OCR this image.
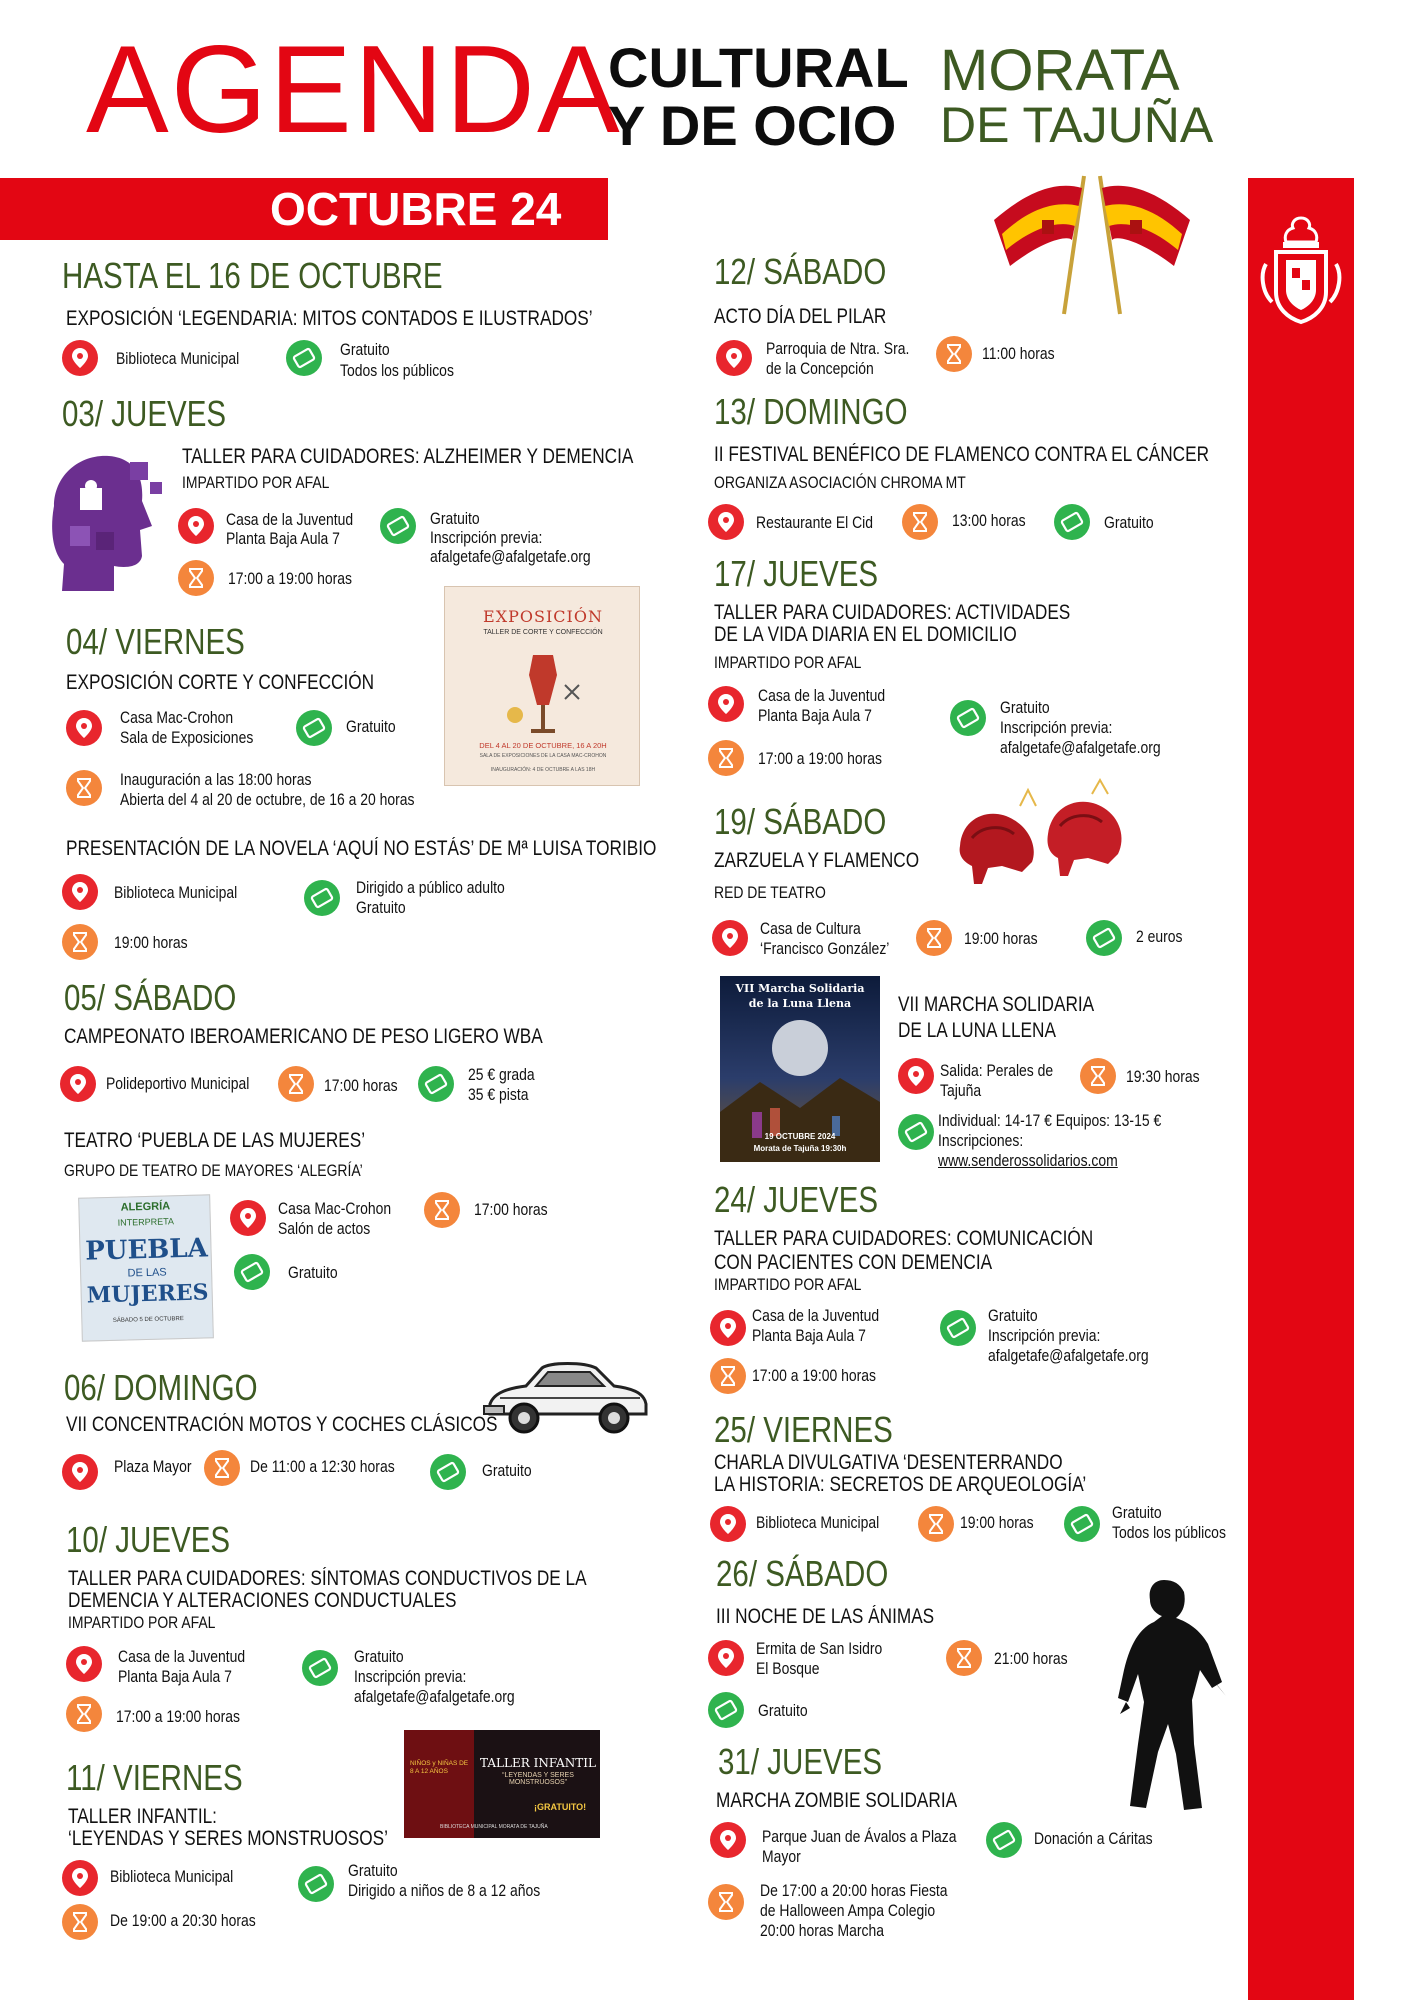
AGENDA
CULTURAL
Y DE OCIO
MORATA
DE TAJUÑA
OCTUBRE 24
HASTA EL 16 DE OCTUBRE
EXPOSICIÓN ‘LEGENDARIA: MITOS CONTADOS E ILUSTRADOS’
Biblioteca Municipal	Gratuito
Todos los públicos
03/ JUEVES
TALLER PARA CUIDADORES: ALZHEIMER Y DEMENCIA
IMPARTIDO POR AFAL
Casa de la Juventud
Planta Baja Aula 7
Gratuito
Inscripción previa:
afalgetafe@afalgetafe.org
17:00 a 19:00 horas
04/ VIERNES
EXPOSICIÓN CORTE Y CONFECCIÓN
EXPOSICIÓN
TALLER DE CORTE Y CONFECCIÓN
DEL 4 AL 20 DE OCTUBRE, 16 A 20H
SALA DE EXPOSICIONES DE LA CASA MAC-CROHON
INAUGURACIÓN: 4 DE OCTUBRE A LAS 18H
Casa Mac-Crohon
Sala de Exposiciones
Gratuito
Inauguración a las 18:00 horas
Abierta del 4 al 20 de octubre, de 16 a 20 horas
PRESENTACIÓN DE LA NOVELA ‘AQUÍ NO ESTÁS’ DE Mª LUISA TORIBIO
Biblioteca Municipal	Dirigido a público adulto
Gratuito
19:00 horas
05/ SÁBADO
CAMPEONATO IBEROAMERICANO DE PESO LIGERO WBA
Polideportivo Municipal	17:00 horas
25 € grada
35 € pista
TEATRO ‘PUEBLA DE LAS MUJERES’
GRUPO DE TEATRO DE MAYORES ‘ALEGRÍA’
ALEGRÍA
INTERPRETA
PUEBLA
DE LAS
MUJERES
SÁBADO 5 DE OCTUBRE
Casa Mac-Crohon
Salón de actos
17:00 horas
Gratuito
06/ DOMINGO
VII CONCENTRACIÓN MOTOS Y COCHES CLÁSICOS
Plaza Mayor	De 11:00 a 12:30 horas	Gratuito
10/ JUEVES
TALLER PARA CUIDADORES: SÍNTOMAS CONDUCTIVOS DE LA
DEMENCIA Y ALTERACIONES CONDUCTUALES
IMPARTIDO POR AFAL
Casa de la Juventud
Planta Baja Aula 7
Gratuito
Inscripción previa:
afalgetafe@afalgetafe.org
17:00 a 19:00 horas
11/ VIERNES	NIÑOS y NIÑAS DE 8 A 12 AÑOS
TALLER INFANTIL
“LEYENDAS Y SERES MONSTRUOSOS”
¡GRATUITO!
BIBLIOTECA MUNICIPAL MORATA DE TAJUÑA
TALLER INFANTIL:
‘LEYENDAS Y SERES MONSTRUOSOS’
Biblioteca Municipal	Gratuito
Dirigido a niños de 8 a 12 años
De 19:00 a 20:30 horas
12/ SÁBADO
ACTO DÍA DEL PILAR
Parroquia de Ntra. Sra.
de la Concepción
11:00 horas
13/ DOMINGO
II FESTIVAL BENÉFICO DE FLAMENCO CONTRA EL CÁNCER
ORGANIZA ASOCIACIÓN CHROMA MT
Restaurante El Cid	13:00 horas	Gratuito
17/ JUEVES
TALLER PARA CUIDADORES: ACTIVIDADES
DE LA VIDA DIARIA EN EL DOMICILIO
IMPARTIDO POR AFAL
Casa de la Juventud
Planta Baja Aula 7	Gratuito
Inscripción previa:
afalgetafe@afalgetafe.org
17:00 a 19:00 horas
19/ SÁBADO
ZARZUELA Y FLAMENCO
RED DE TEATRO
Casa de Cultura
‘Francisco González’
19:00 horas	2 euros
VII Marcha Solidaria
de la Luna Llena
19 OCTUBRE 2024
Morata de Tajuña 19:30h
VII MARCHA SOLIDARIA
DE LA LUNA LLENA
Salida: Perales de
Tajuña
19:30 horas
Individual: 14-17 € Equipos: 13-15 €
Inscripciones:
www.senderossolidarios.com
24/ JUEVES
TALLER PARA CUIDADORES: COMUNICACIÓN
CON PACIENTES CON DEMENCIA
IMPARTIDO POR AFAL
Casa de la Juventud
Planta Baja Aula 7
Gratuito
Inscripción previa:
afalgetafe@afalgetafe.org
17:00 a 19:00 horas
25/ VIERNES
CHARLA DIVULGATIVA ‘DESENTERRANDO
LA HISTORIA: SECRETOS DE ARQUEOLOGÍA’
Biblioteca Municipal	19:00 horas
Gratuito
Todos los públicos
26/ SÁBADO
III NOCHE DE LAS ÁNIMAS
Ermita de San Isidro
El Bosque
21:00 horas
Gratuito
31/ JUEVES
MARCHA ZOMBIE SOLIDARIA
Parque Juan de Ávalos a Plaza
Mayor
Donación a Cáritas
De 17:00 a 20:00 horas Fiesta
de Halloween Ampa Colegio
20:00 horas Marcha
